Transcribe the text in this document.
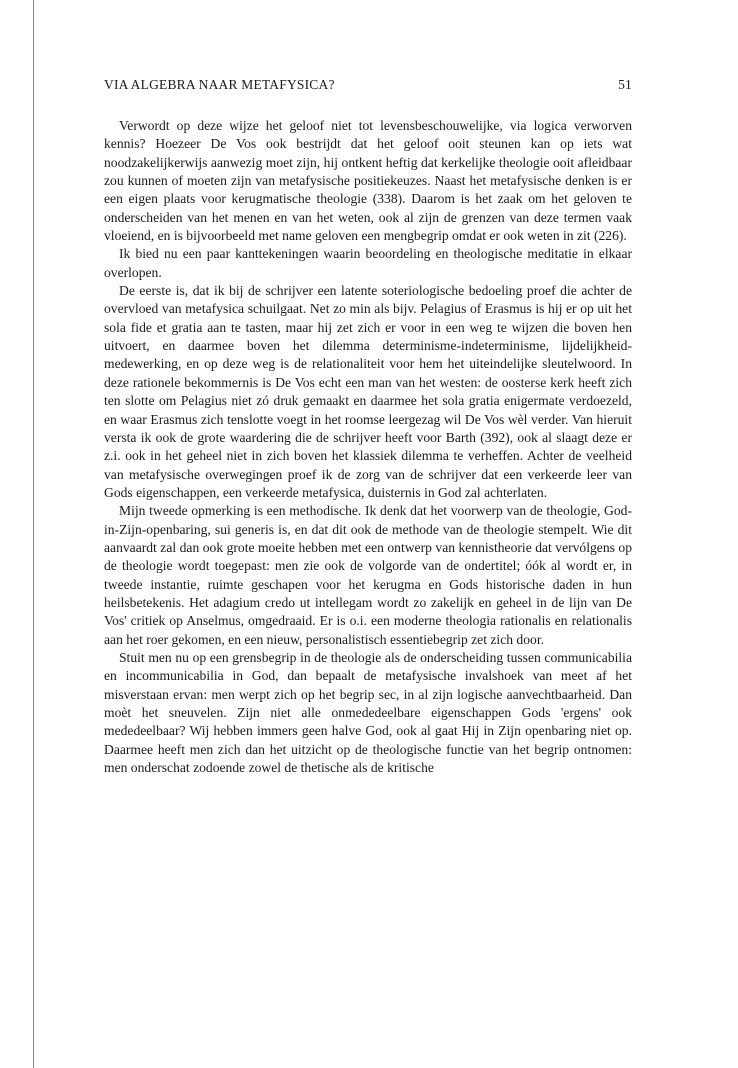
VIA ALGEBRA NAAR METAFYSICA?	51

Verwordt op deze wijze het geloof niet tot levensbeschouwelijke, via logica verworven kennis? Hoezeer De Vos ook bestrijdt dat het geloof ooit steunen kan op iets wat noodzakelijkerwijs aanwezig moet zijn, hij ontkent heftig dat kerkelijke theologie ooit afleidbaar zou kunnen of moeten zijn van metafysische positiekeuzes. Naast het metafysische denken is er een eigen plaats voor kerugmatische theologie (338). Daarom is het zaak om het geloven te onderscheiden van het menen en van het weten, ook al zijn de grenzen van deze termen vaak vloeiend, en is bijvoorbeeld met name geloven een mengbegrip omdat er ook weten in zit (226).

Ik bied nu een paar kanttekeningen waarin beoordeling en theologische meditatie in elkaar overlopen.

De eerste is, dat ik bij de schrijver een latente soteriologische bedoeling proef die achter de overvloed van metafysica schuilgaat. Net zo min als bijv. Pelagius of Erasmus is hij er op uit het sola fide et gratia aan te tasten, maar hij zet zich er voor in een weg te wijzen die boven hen uitvoert, en daarmee boven het dilemma determinisme-indeterminisme, lijdelijkheid-medewerking, en op deze weg is de relationaliteit voor hem het uiteindelijke sleutelwoord. In deze rationele bekommernis is De Vos echt een man van het westen: de oosterse kerk heeft zich ten slotte om Pelagius niet zó druk gemaakt en daarmee het sola gratia enigermate verdoezeld, en waar Erasmus zich tenslotte voegt in het roomse leergezag wil De Vos wèl verder. Van hieruit versta ik ook de grote waardering die de schrijver heeft voor Barth (392), ook al slaagt deze er z.i. ook in het geheel niet in zich boven het klassiek dilemma te verheffen. Achter de veelheid van metafysische overwegingen proef ik de zorg van de schrijver dat een verkeerde leer van Gods eigenschappen, een verkeerde metafysica, duisternis in God zal achterlaten.

Mijn tweede opmerking is een methodische. Ik denk dat het voorwerp van de theologie, God-in-Zijn-openbaring, sui generis is, en dat dit ook de methode van de theologie stempelt. Wie dit aanvaardt zal dan ook grote moeite hebben met een ontwerp van kennistheorie dat vervólgens op de theologie wordt toegepast: men zie ook de volgorde van de ondertitel; óók al wordt er, in tweede instantie, ruimte geschapen voor het kerugma en Gods historische daden in hun heilsbetekenis. Het adagium credo ut intellegam wordt zo zakelijk en geheel in de lijn van De Vos' critiek op Anselmus, omgedraaid. Er is o.i. een moderne theologia rationalis en relationalis aan het roer gekomen, en een nieuw, personalistisch essentiebegrip zet zich door.

Stuit men nu op een grensbegrip in de theologie als de onderscheiding tussen communicabilia en incommunicabilia in God, dan bepaalt de metafysische invalshoek van meet af het misverstaan ervan: men werpt zich op het begrip sec, in al zijn logische aanvechtbaarheid. Dan moèt het sneuvelen. Zijn niet alle onmededeelbare eigenschappen Gods 'ergens' ook mededeelbaar? Wij hebben immers geen halve God, ook al gaat Hij in Zijn openbaring niet op. Daarmee heeft men zich dan het uitzicht op de theologische functie van het begrip ontnomen: men onderschat zodoende zowel de thetische als de kritische
